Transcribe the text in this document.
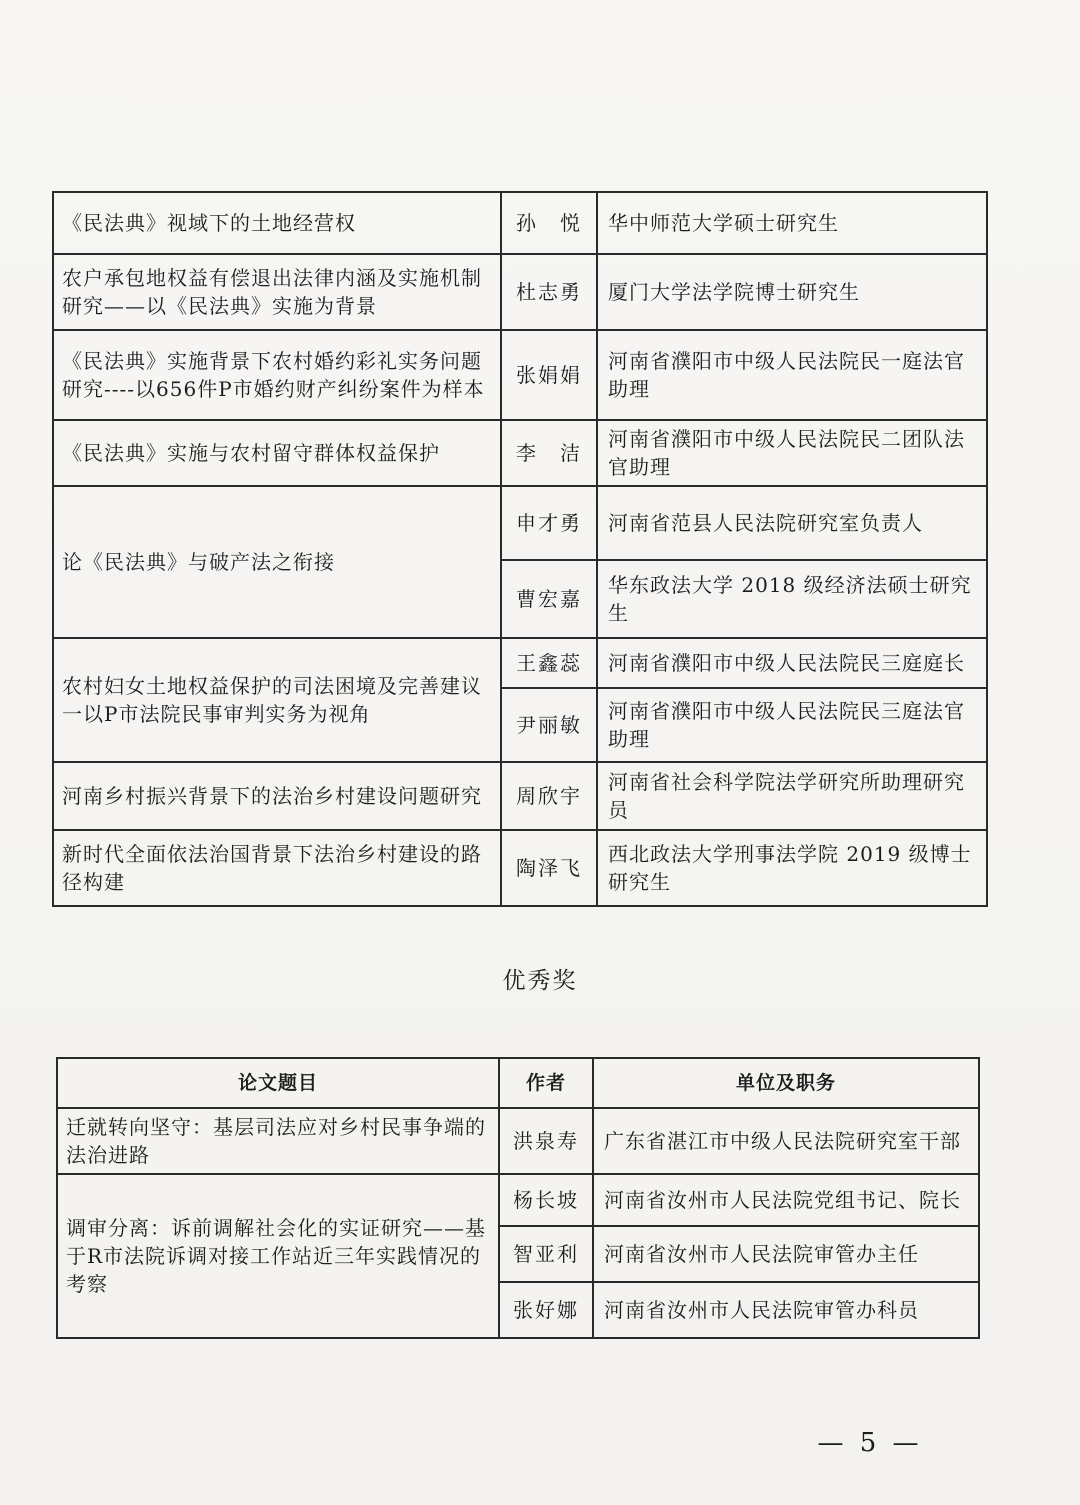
《民法典》视域下的土地经营权	孙　悦	华中师范大学硕士研究生
农户承包地权益有偿退出法律内涵及实施机制研究——以《民法典》实施为背景	杜志勇	厦门大学法学院博士研究生
《民法典》实施背景下农村婚约彩礼实务问题研究----以656件P市婚约财产纠纷案件为样本	张娟娟	河南省濮阳市中级人民法院民一庭法官助理
《民法典》实施与农村留守群体权益保护	李　洁	河南省濮阳市中级人民法院民二团队法官助理
论《民法典》与破产法之衔接	申才勇	河南省范县人民法院研究室负责人
	曹宏嘉	华东政法大学 2018 级经济法硕士研究生
农村妇女土地权益保护的司法困境及完善建议一以P市法院民事审判实务为视角	王鑫蕊	河南省濮阳市中级人民法院民三庭庭长
	尹丽敏	河南省濮阳市中级人民法院民三庭法官助理
河南乡村振兴背景下的法治乡村建设问题研究	周欣宇	河南省社会科学院法学研究所助理研究员
新时代全面依法治国背景下法治乡村建设的路径构建	陶泽飞	西北政法大学刑事法学院 2019 级博士研究生
优秀奖
论文题目	作者	单位及职务
迁就转向坚守：基层司法应对乡村民事争端的法治进路	洪泉寿	广东省湛江市中级人民法院研究室干部
调审分离：诉前调解社会化的实证研究——基于R市法院诉调对接工作站近三年实践情况的考察	杨长坡	河南省汝州市人民法院党组书记、院长
	智亚利	河南省汝州市人民法院审管办主任
	张好娜	河南省汝州市人民法院审管办科员
— 5 —
